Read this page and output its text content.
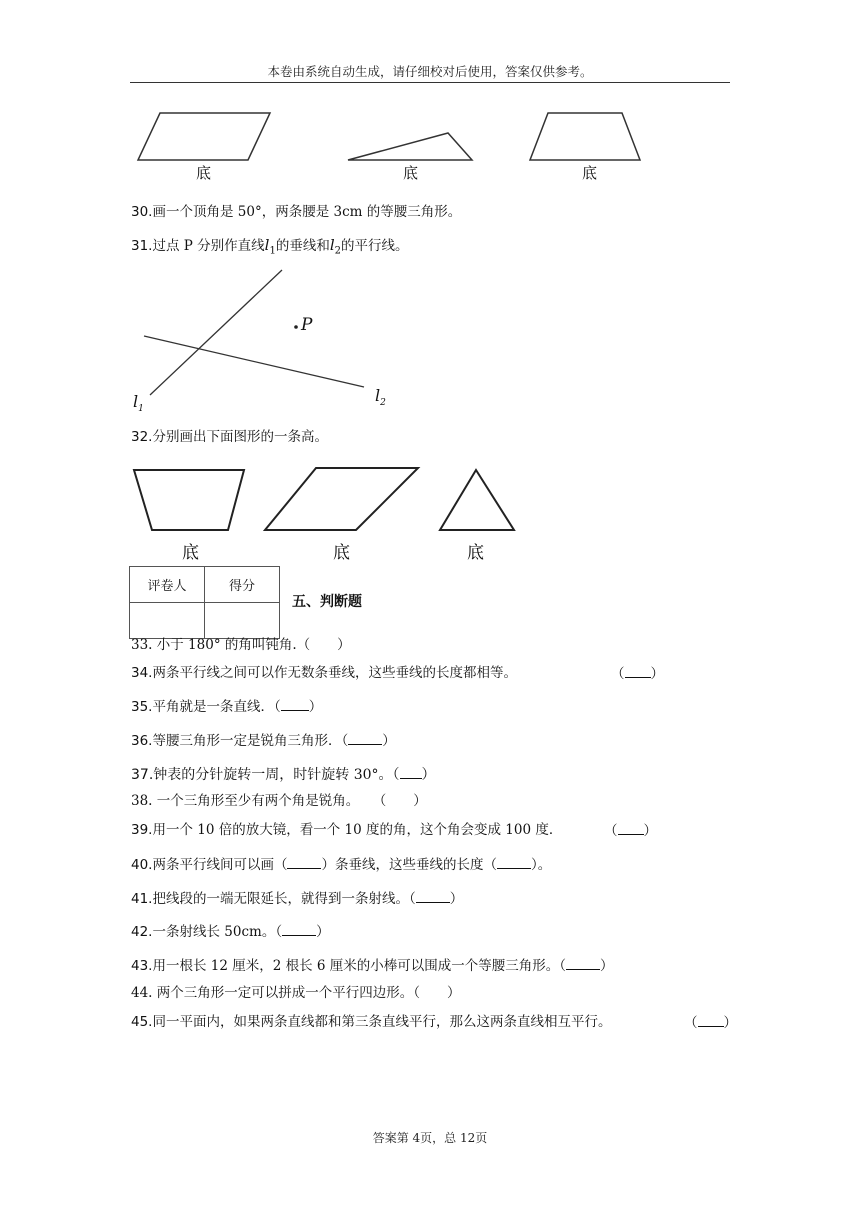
本卷由系统自动生成，请仔细校对后使用，答案仅供参考。
底	底	底
30.画一个顶角是 50°，两条腰是 3cm 的等腰三角形。
31.过点 P 分别作直线$l_1$的垂线和$l_2$的平行线。
P
$l_1$
$l_2$
32.分别画出下面图形的一条高。
底	底	底
评卷人	得分

五、判断题
33. 小于 180° 的角叫钝角.（　　）
34.两条平行线之间可以作无数条垂线，这些垂线的长度都相等。	（ ）
35.平角就是一条直线．（ ）
36.等腰三角形一定是锐角三角形．（	）
37.钟表的分针旋转一周，时针旋转 30°。（ ）
38. 一个三角形至少有两个角是锐角。　　（　　）
39.用一个 10 倍的放大镜，看一个 10 度的角，这个角会变成 100 度．	（ ）
40.两条平行线间可以画（	）条垂线，这些垂线的长度（	）。
41.把线段的一端无限延长，就得到一条射线。（	）
42.一条射线长 50cm。（	）
43.用一根长 12 厘米，2 根长 6 厘米的小棒可以围成一个等腰三角形。（	）
44. 两个三角形一定可以拼成一个平行四边形。（　　）
45.同一平面内，如果两条直线都和第三条直线平行，那么这两条直线相互平行。	（ ）
答案第 4页，总 12页
